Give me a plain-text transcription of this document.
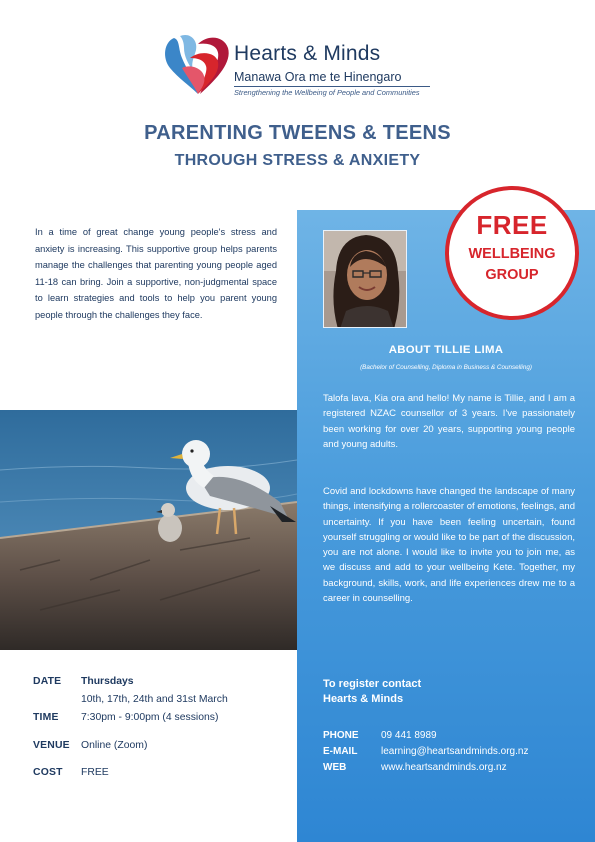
Hearts & Minds
Manawa Ora me te Hinengaro
Strengthening the Wellbeing of People and Communities
PARENTING TWEENS & TEENS
THROUGH STRESS & ANXIETY
In a time of great change young people's stress and anxiety is increasing. This supportive group helps parents manage the challenges that parenting young people aged 11-18 can bring. Join a supportive, non-judgmental space to learn strategies and tools to help you parent young people through the challenges they face.
ABOUT TILLIE LIMA
(Bachelor of Counselling, Diploma in Business & Counselling)
Talofa lava, Kia ora and hello! My name is Tillie, and I am a registered NZAC counsellor of 3 years. I've passionately been working for over 20 years, supporting young people and young adults.
Covid and lockdowns have changed the landscape of many things, intensifying a rollercoaster of emotions, feelings, and uncertainty. If you have been feeling uncertain, found yourself struggling or would like to be part of the discussion, you are not alone. I would like to invite you to join me, as we discuss and add to your wellbeing Kete. Together, my background, skills, work, and life experiences drew me to a career in counselling.
To register contact
Hearts & Minds
PHONE	09 441 8989
E-MAIL	learning@heartsandminds.org.nz
WEB	www.heartsandminds.org.nz
FREE
WELLBEING
GROUP
DATE Thursdays
10th, 17th, 24th and 31st March
TIME 7:30pm - 9:00pm (4 sessions)
VENUE Online (Zoom)
COST FREE
